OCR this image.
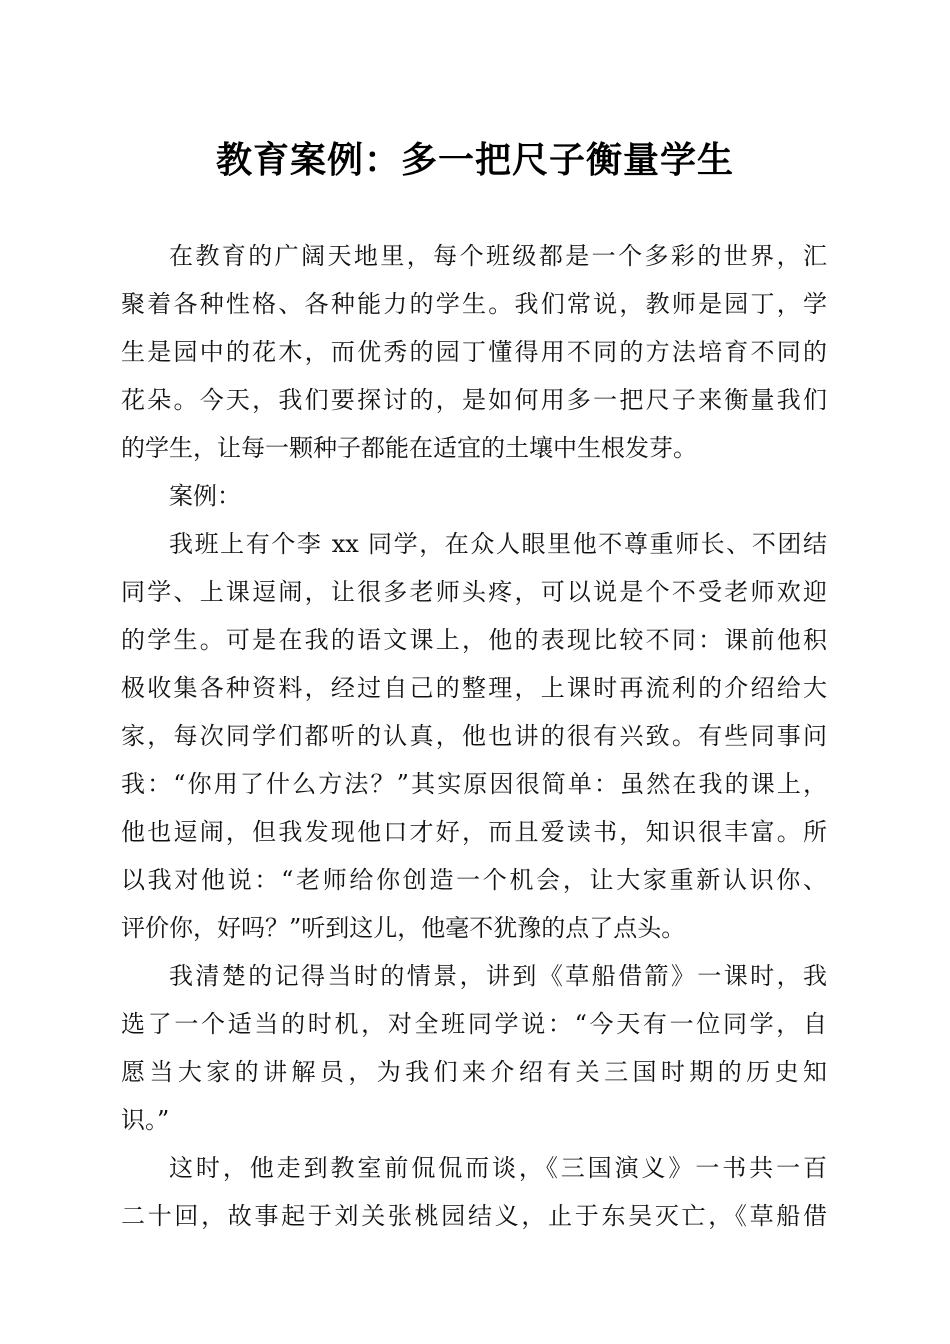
教育案例：多一把尺子衡量学生
在教育的广阔天地里，每个班级都是一个多彩的世界，汇
聚着各种性格、各种能力的学生。我们常说，教师是园丁，学
生是园中的花木，而优秀的园丁懂得用不同的方法培育不同的
花朵。今天，我们要探讨的，是如何用多一把尺子来衡量我们
的学生，让每一颗种子都能在适宜的土壤中生根发芽。
案例：
我班上有个李 xx 同学，在众人眼里他不尊重师长、不团结
同学、上课逗闹，让很多老师头疼，可以说是个不受老师欢迎
的学生。可是在我的语文课上，他的表现比较不同：课前他积
极收集各种资料，经过自己的整理，上课时再流利的介绍给大
家，每次同学们都听的认真，他也讲的很有兴致。有些同事问
我：“你用了什么方法？”其实原因很简单：虽然在我的课上，
他也逗闹，但我发现他口才好，而且爱读书，知识很丰富。所
以我对他说：“老师给你创造一个机会，让大家重新认识你、
评价你，好吗？”听到这儿，他毫不犹豫的点了点头。
我清楚的记得当时的情景，讲到《草船借箭》一课时，我
选了一个适当的时机，对全班同学说：“今天有一位同学，自
愿当大家的讲解员，为我们来介绍有关三国时期的历史知
识。”
这时，他走到教室前侃侃而谈，《三国演义》一书共一百
二十回，故事起于刘关张桃园结义，止于东吴灭亡，《草船借
